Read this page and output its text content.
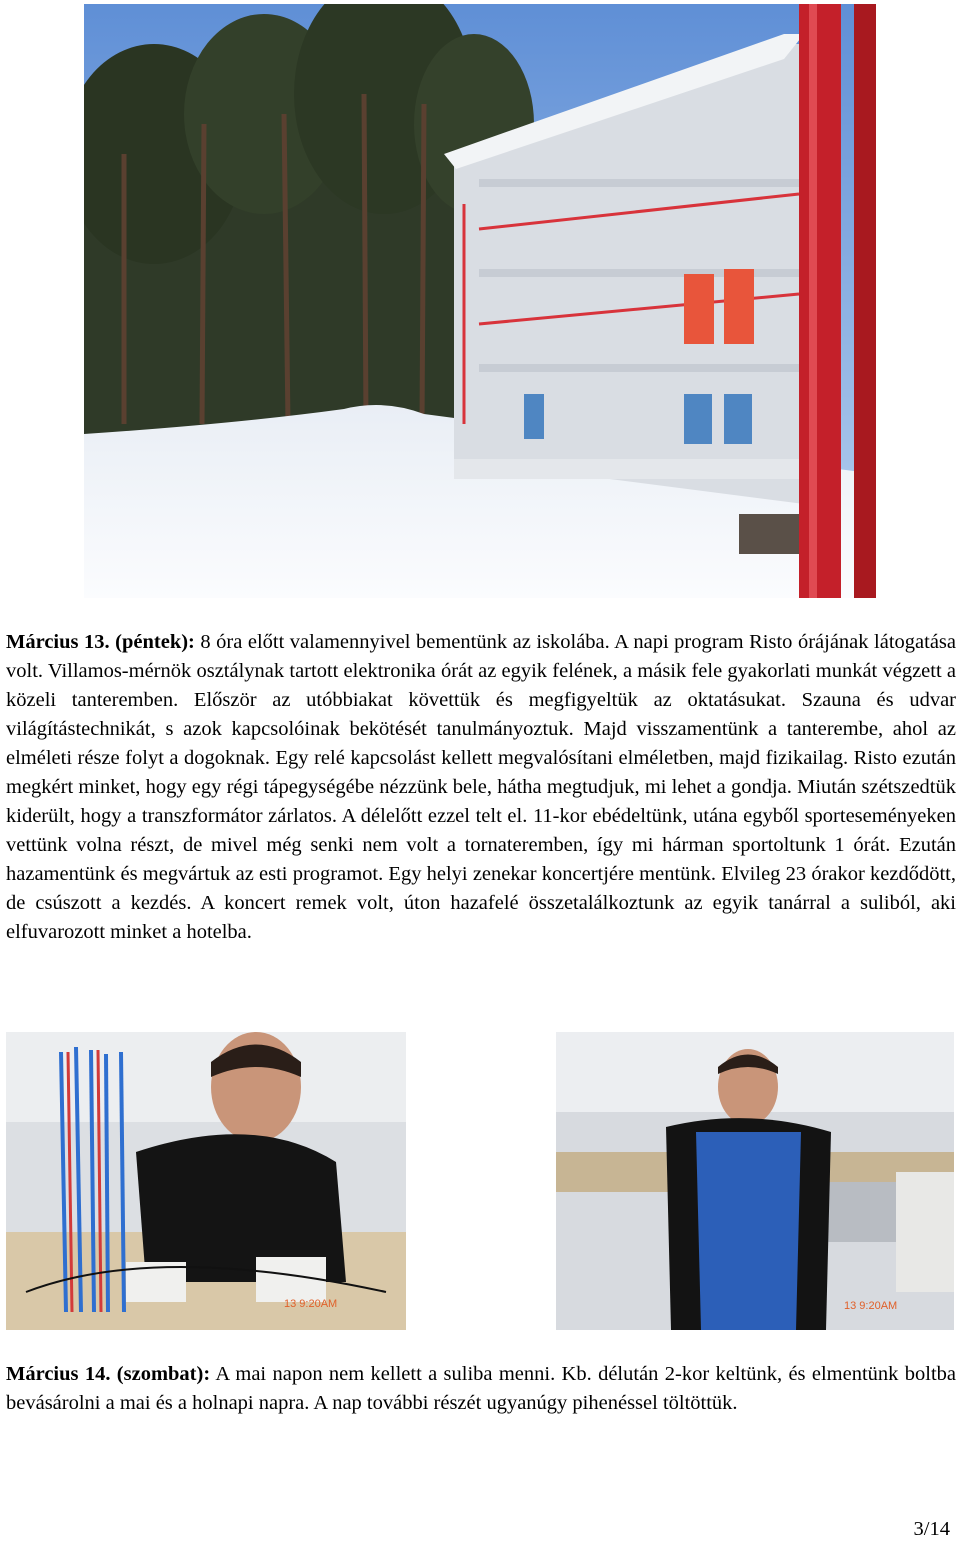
Március 13. (péntek): 8 óra előtt valamennyivel bementünk az iskolába. A napi program Risto órájának látogatása volt. Villamos-mérnök osztálynak tartott elektronika órát az egyik felének, a másik fele gyakorlati munkát végzett a közeli tanteremben. Először az utóbbiakat követtük és megfigyeltük az oktatásukat. Szauna és udvar világítástechnikát, s azok kapcsolóinak bekötését tanulmányoztuk. Majd visszamentünk a tanterembe, ahol az elméleti része folyt a dogoknak. Egy relé kapcsolást kellett megvalósítani elméletben, majd fizikailag. Risto ezután megkért minket, hogy egy régi tápegységébe nézzünk bele, hátha megtudjuk, mi lehet a gondja. Miután szétszedtük kiderült, hogy a transzformátor zárlatos. A délelőtt ezzel telt el. 11-kor ebédeltünk, utána egyből sporteseményeken vettünk volna részt, de mivel még senki nem volt a tornateremben, így mi hárman sportoltunk 1 órát. Ezután hazamentünk és megvártuk az esti programot. Egy helyi zenekar koncertjére mentünk. Elvileg 23 órakor kezdődött, de csúszott a kezdés. A koncert remek volt, úton hazafelé összetalálkoztunk az egyik tanárral a suliból, aki elfuvarozott minket a hotelba.

13 9:20AM	13 9:20AM

Március 14. (szombat): A mai napon nem kellett a suliba menni. Kb. délután 2-kor keltünk, és elmentünk boltba bevásárolni a mai és a holnapi napra. A nap további részét ugyanúgy pihenéssel töltöttük.

3/14
